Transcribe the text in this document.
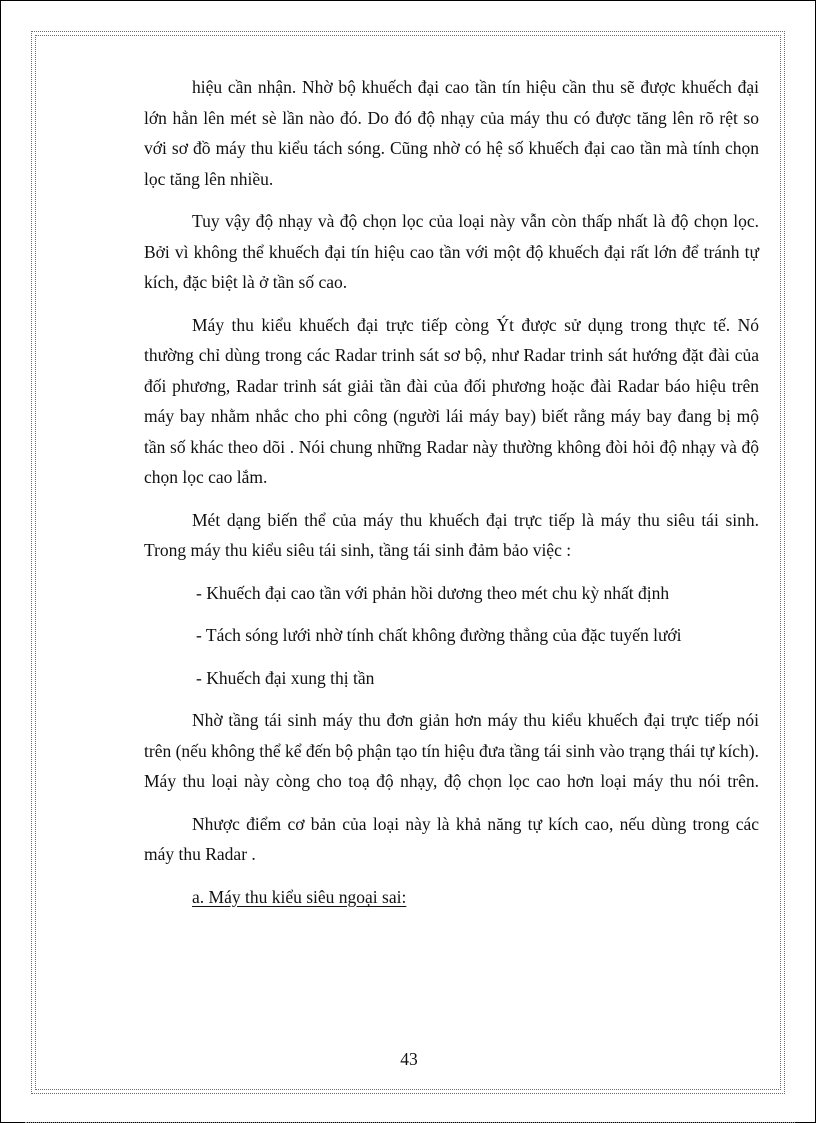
hiệu cần nhận. Nhờ bộ khuếch đại cao tần tín hiệu cần thu sẽ được khuếch đại lớn hẳn lên mét sè lần nào đó. Do đó độ nhạy của máy thu có được tăng lên rõ rệt so với sơ đồ máy thu kiểu tách sóng. Cũng nhờ có hệ số khuếch đại cao tần mà tính chọn lọc tăng lên nhiều.

Tuy vậy độ nhạy và độ chọn lọc của loại này vẫn còn thấp nhất là độ chọn lọc. Bởi vì không thể khuếch đại tín hiệu cao tần với một độ khuếch đại rất lớn để tránh tự kích, đặc biệt là ở tần số cao.

Máy thu kiểu khuếch đại trực tiếp còng Ýt được sử dụng trong thực tế. Nó thường chỉ dùng trong các Radar trinh sát sơ bộ, như Radar trinh sát hướng đặt đài của đối phương, Radar trinh sát giải tần đài của đối phương hoặc đài Radar báo hiệu trên máy bay nhằm nhắc cho phi công (người lái máy bay) biết rằng máy bay đang bị mộ tần số khác theo dõi . Nói chung những Radar này thường không đòi hỏi độ nhạy và độ chọn lọc cao lắm.

Mét dạng biến thể của máy thu khuếch đại trực tiếp là máy thu siêu tái sinh. Trong máy thu kiểu siêu tái sinh, tầng tái sinh đảm bảo việc :

- Khuếch đại cao tần với phản hồi dương theo mét chu kỳ nhất định

- Tách sóng lưới nhờ tính chất không đường thẳng của đặc tuyến lưới

- Khuếch đại xung thị tần

Nhờ tầng tái sinh máy thu đơn giản hơn máy thu kiểu khuếch đại trực tiếp nói trên (nếu không thể kể đến bộ phận tạo tín hiệu đưa tầng tái sinh vào trạng thái tự kích). Máy thu loại này còng cho toạ độ nhạy, độ chọn lọc cao hơn loại máy thu nói trên.

Nhược điểm cơ bản của loại này là khả năng tự kích cao, nếu dùng trong các máy thu Radar .

a. Máy thu kiểu siêu ngoại sai:

43
